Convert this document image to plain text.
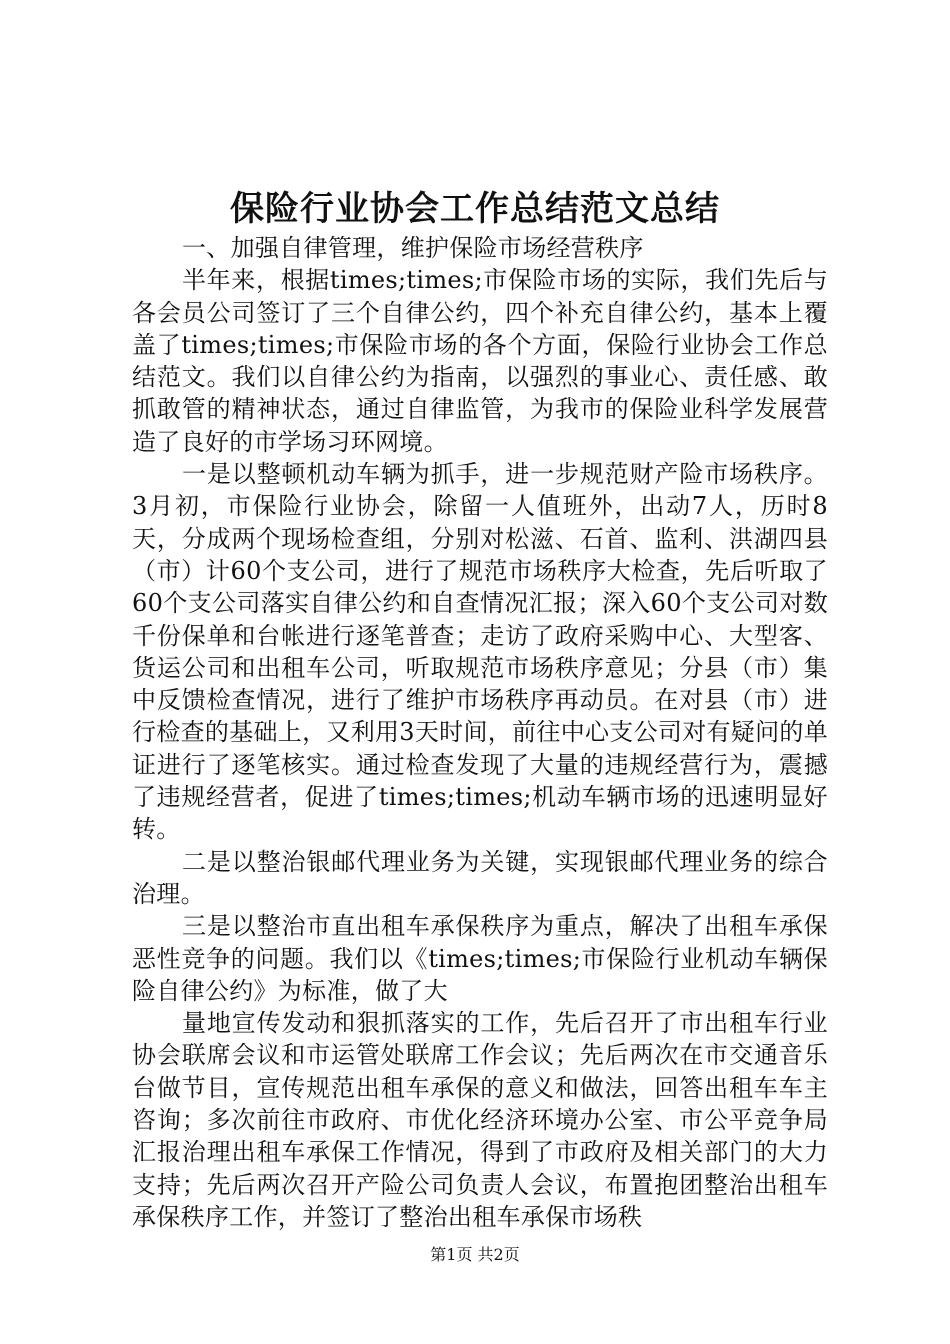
保险行业协会工作总结范文总结

一、加强自律管理，维护保险市场经营秩序

半年来，根据times;times;市保险市场的实际，我们先后与各会员公司签订了三个自律公约，四个补充自律公约，基本上覆盖了times;times;市保险市场的各个方面，保险行业协会工作总结范文。我们以自律公约为指南，以强烈的事业心、责任感、敢抓敢管的精神状态，通过自律监管，为我市的保险业科学发展营造了良好的市学场习环网境。

一是以整顿机动车辆为抓手，进一步规范财产险市场秩序。3月初，市保险行业协会，除留一人值班外，出动7人，历时8天，分成两个现场检查组，分别对松滋、石首、监利、洪湖四县（市）计60个支公司，进行了规范市场秩序大检查，先后听取了60个支公司落实自律公约和自查情况汇报；深入60个支公司对数千份保单和台帐进行逐笔普查；走访了政府采购中心、大型客、货运公司和出租车公司，听取规范市场秩序意见；分县（市）集中反馈检查情况，进行了维护市场秩序再动员。在对县（市）进行检查的基础上，又利用3天时间，前往中心支公司对有疑问的单证进行了逐笔核实。通过检查发现了大量的违规经营行为，震撼了违规经营者，促进了times;times;机动车辆市场的迅速明显好转。

二是以整治银邮代理业务为关键，实现银邮代理业务的综合治理。

三是以整治市直出租车承保秩序为重点，解决了出租车承保恶性竞争的问题。我们以《times;times;市保险行业机动车辆保险自律公约》为标准，做了大

量地宣传发动和狠抓落实的工作，先后召开了市出租车行业协会联席会议和市运管处联席工作会议；先后两次在市交通音乐台做节目，宣传规范出租车承保的意义和做法，回答出租车车主咨询；多次前往市政府、市优化经济环境办公室、市公平竞争局汇报治理出租车承保工作情况，得到了市政府及相关部门的大力支持；先后两次召开产险公司负责人会议，布置抱团整治出租车承保秩序工作，并签订了整治出租车承保市场秩

第1页 共2页
